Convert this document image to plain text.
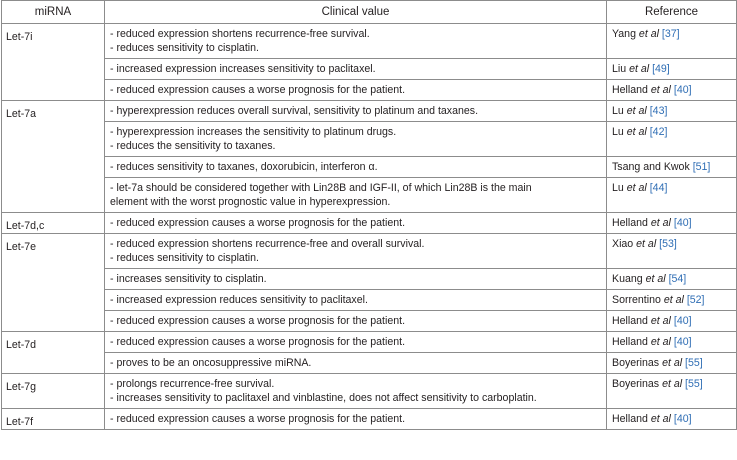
miRNA	Clinical value	Reference
Let-7i	- reduced expression shortens recurrence-free survival.
- reduces sensitivity to cisplatin.	Yang et al [37]

	- increased expression increases sensitivity to paclitaxel.	Liu et al [49]

	- reduced expression causes a worse prognosis for the patient.	Helland et al [40]
Let-7a	- hyperexpression reduces overall survival, sensitivity to platinum and taxanes.	Lu et al [43]

	- hyperexpression increases the sensitivity to platinum drugs.
- reduces the sensitivity to taxanes.	Lu et al [42]

	- reduces sensitivity to taxanes, doxorubicin, interferon α.	Tsang and Kwok [51]

	- let-7a should be considered together with Lin28B and IGF-II, of which Lin28B is the main
element with the worst prognostic value in hyperexpression.	Lu et al [44]
Let-7d,c	- reduced expression causes a worse prognosis for the patient.	Helland et al [40]
Let-7e	- reduced expression shortens recurrence-free and overall survival.
- reduces sensitivity to cisplatin.	Xiao et al [53]

	- increases sensitivity to cisplatin.	Kuang et al [54]

	- increased expression reduces sensitivity to paclitaxel.	Sorrentino et al [52]

	- reduced expression causes a worse prognosis for the patient.	Helland et al [40]
Let-7d	- reduced expression causes a worse prognosis for the patient.	Helland et al [40]

	- proves to be an oncosuppressive miRNA.	Boyerinas et al [55]
Let-7g	- prolongs recurrence-free survival.
- increases sensitivity to paclitaxel and vinblastine, does not affect sensitivity to carboplatin.	Boyerinas et al [55]
Let-7f	- reduced expression causes a worse prognosis for the patient.	Helland et al [40]
